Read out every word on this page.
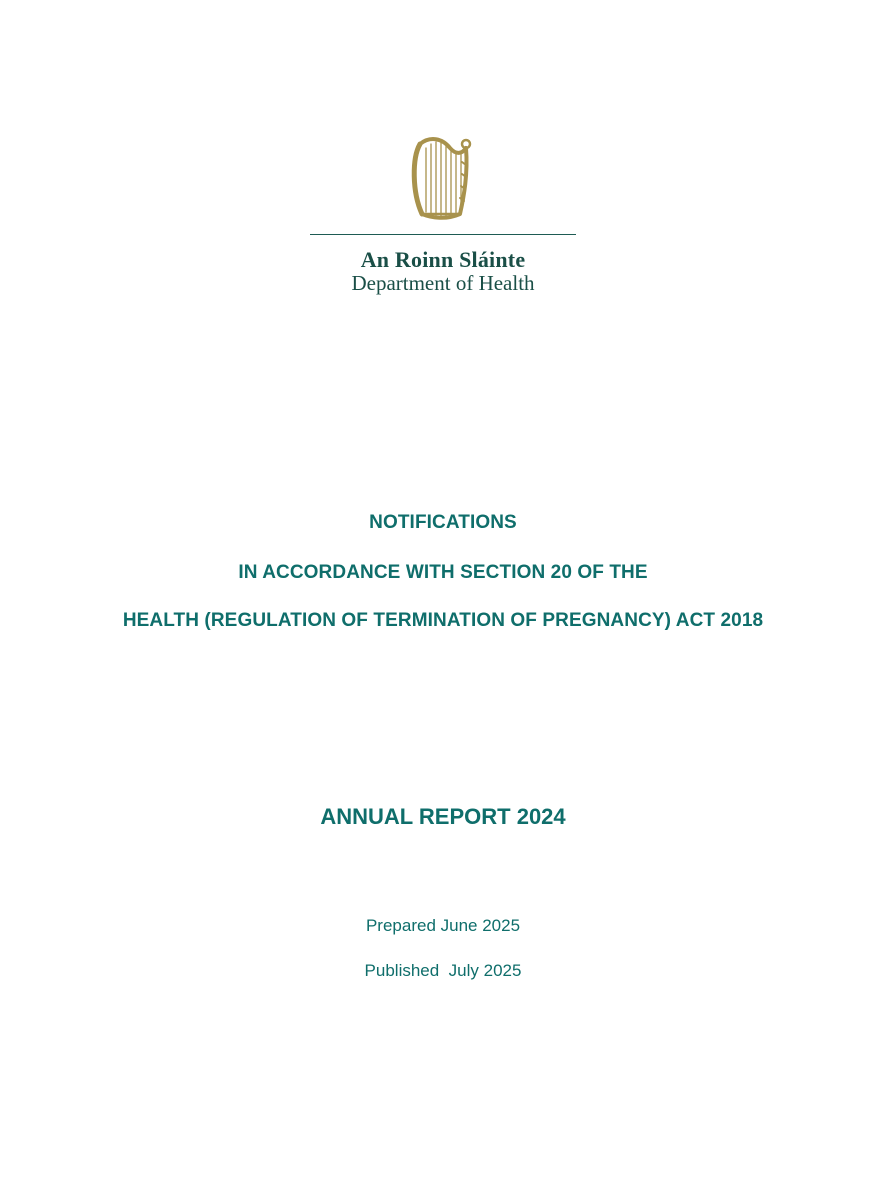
An Roinn Sláinte
Department of Health
NOTIFICATIONS
IN ACCORDANCE WITH SECTION 20 OF THE
HEALTH (REGULATION OF TERMINATION OF PREGNANCY) ACT 2018
ANNUAL REPORT 2024
Prepared June 2025
Published  July 2025
